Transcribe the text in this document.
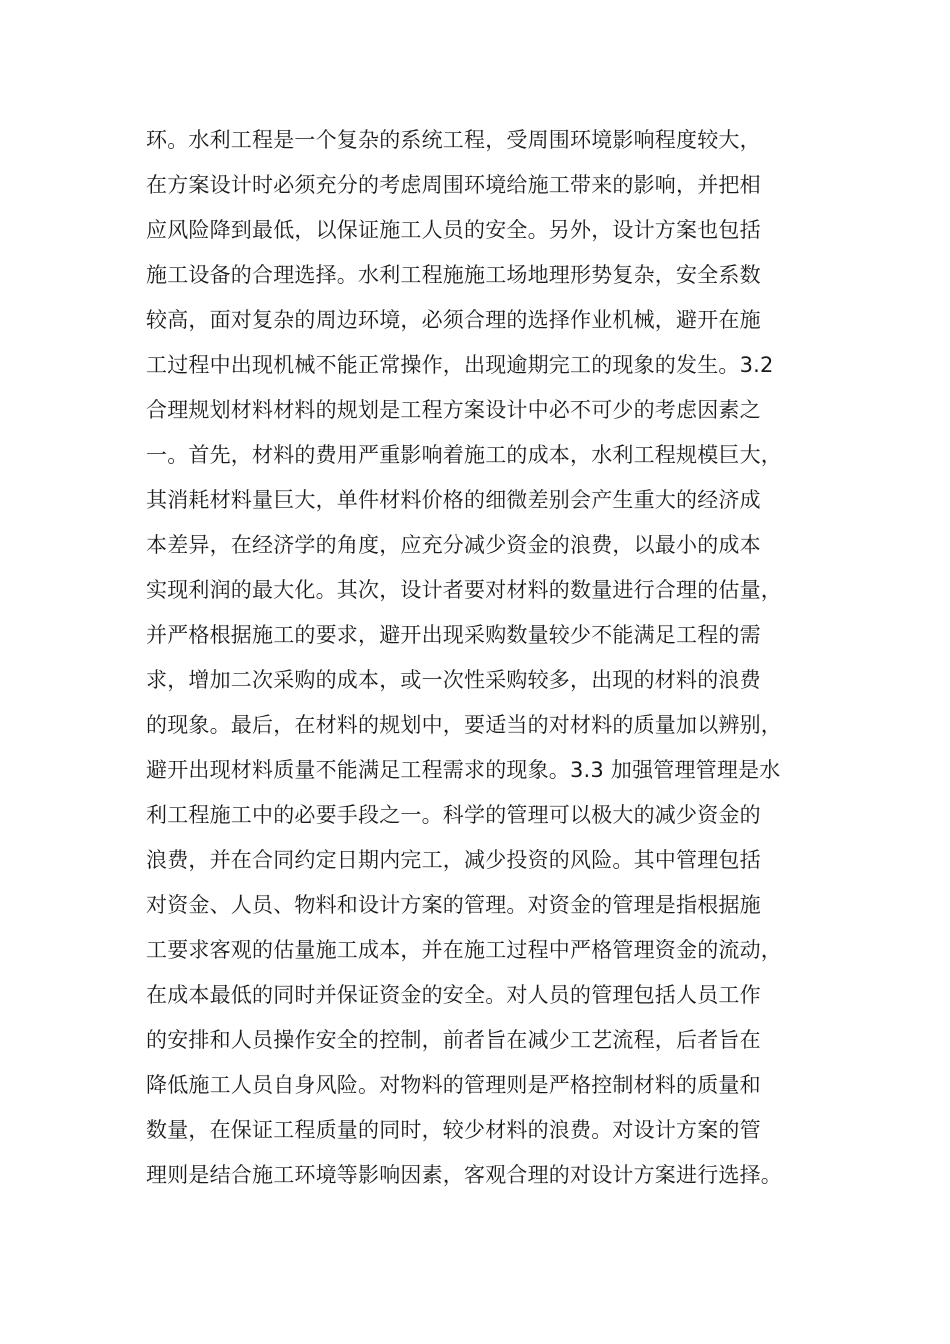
环。水利工程是一个复杂的系统工程，受周围环境影响程度较大，
在方案设计时必须充分的考虑周围环境给施工带来的影响，并把相
应风险降到最低，以保证施工人员的安全。另外，设计方案也包括
施工设备的合理选择。水利工程施施工场地理形势复杂，安全系数
较高，面对复杂的周边环境，必须合理的选择作业机械，避开在施
工过程中出现机械不能正常操作，出现逾期完工的现象的发生。3.2
合理规划材料材料的规划是工程方案设计中必不可少的考虑因素之
一。首先，材料的费用严重影响着施工的成本，水利工程规模巨大，
其消耗材料量巨大，单件材料价格的细微差别会产生重大的经济成
本差异，在经济学的角度，应充分减少资金的浪费，以最小的成本
实现利润的最大化。其次，设计者要对材料的数量进行合理的估量，
并严格根据施工的要求，避开出现采购数量较少不能满足工程的需
求，增加二次采购的成本，或一次性采购较多，出现的材料的浪费
的现象。最后，在材料的规划中，要适当的对材料的质量加以辨别，
避开出现材料质量不能满足工程需求的现象。3.3 加强管理管理是水
利工程施工中的必要手段之一。科学的管理可以极大的减少资金的
浪费，并在合同约定日期内完工，减少投资的风险。其中管理包括
对资金、人员、物料和设计方案的管理。对资金的管理是指根据施
工要求客观的估量施工成本，并在施工过程中严格管理资金的流动，
在成本最低的同时并保证资金的安全。对人员的管理包括人员工作
的安排和人员操作安全的控制，前者旨在减少工艺流程，后者旨在
降低施工人员自身风险。对物料的管理则是严格控制材料的质量和
数量，在保证工程质量的同时，较少材料的浪费。对设计方案的管
理则是结合施工环境等影响因素，客观合理的对设计方案进行选择。
